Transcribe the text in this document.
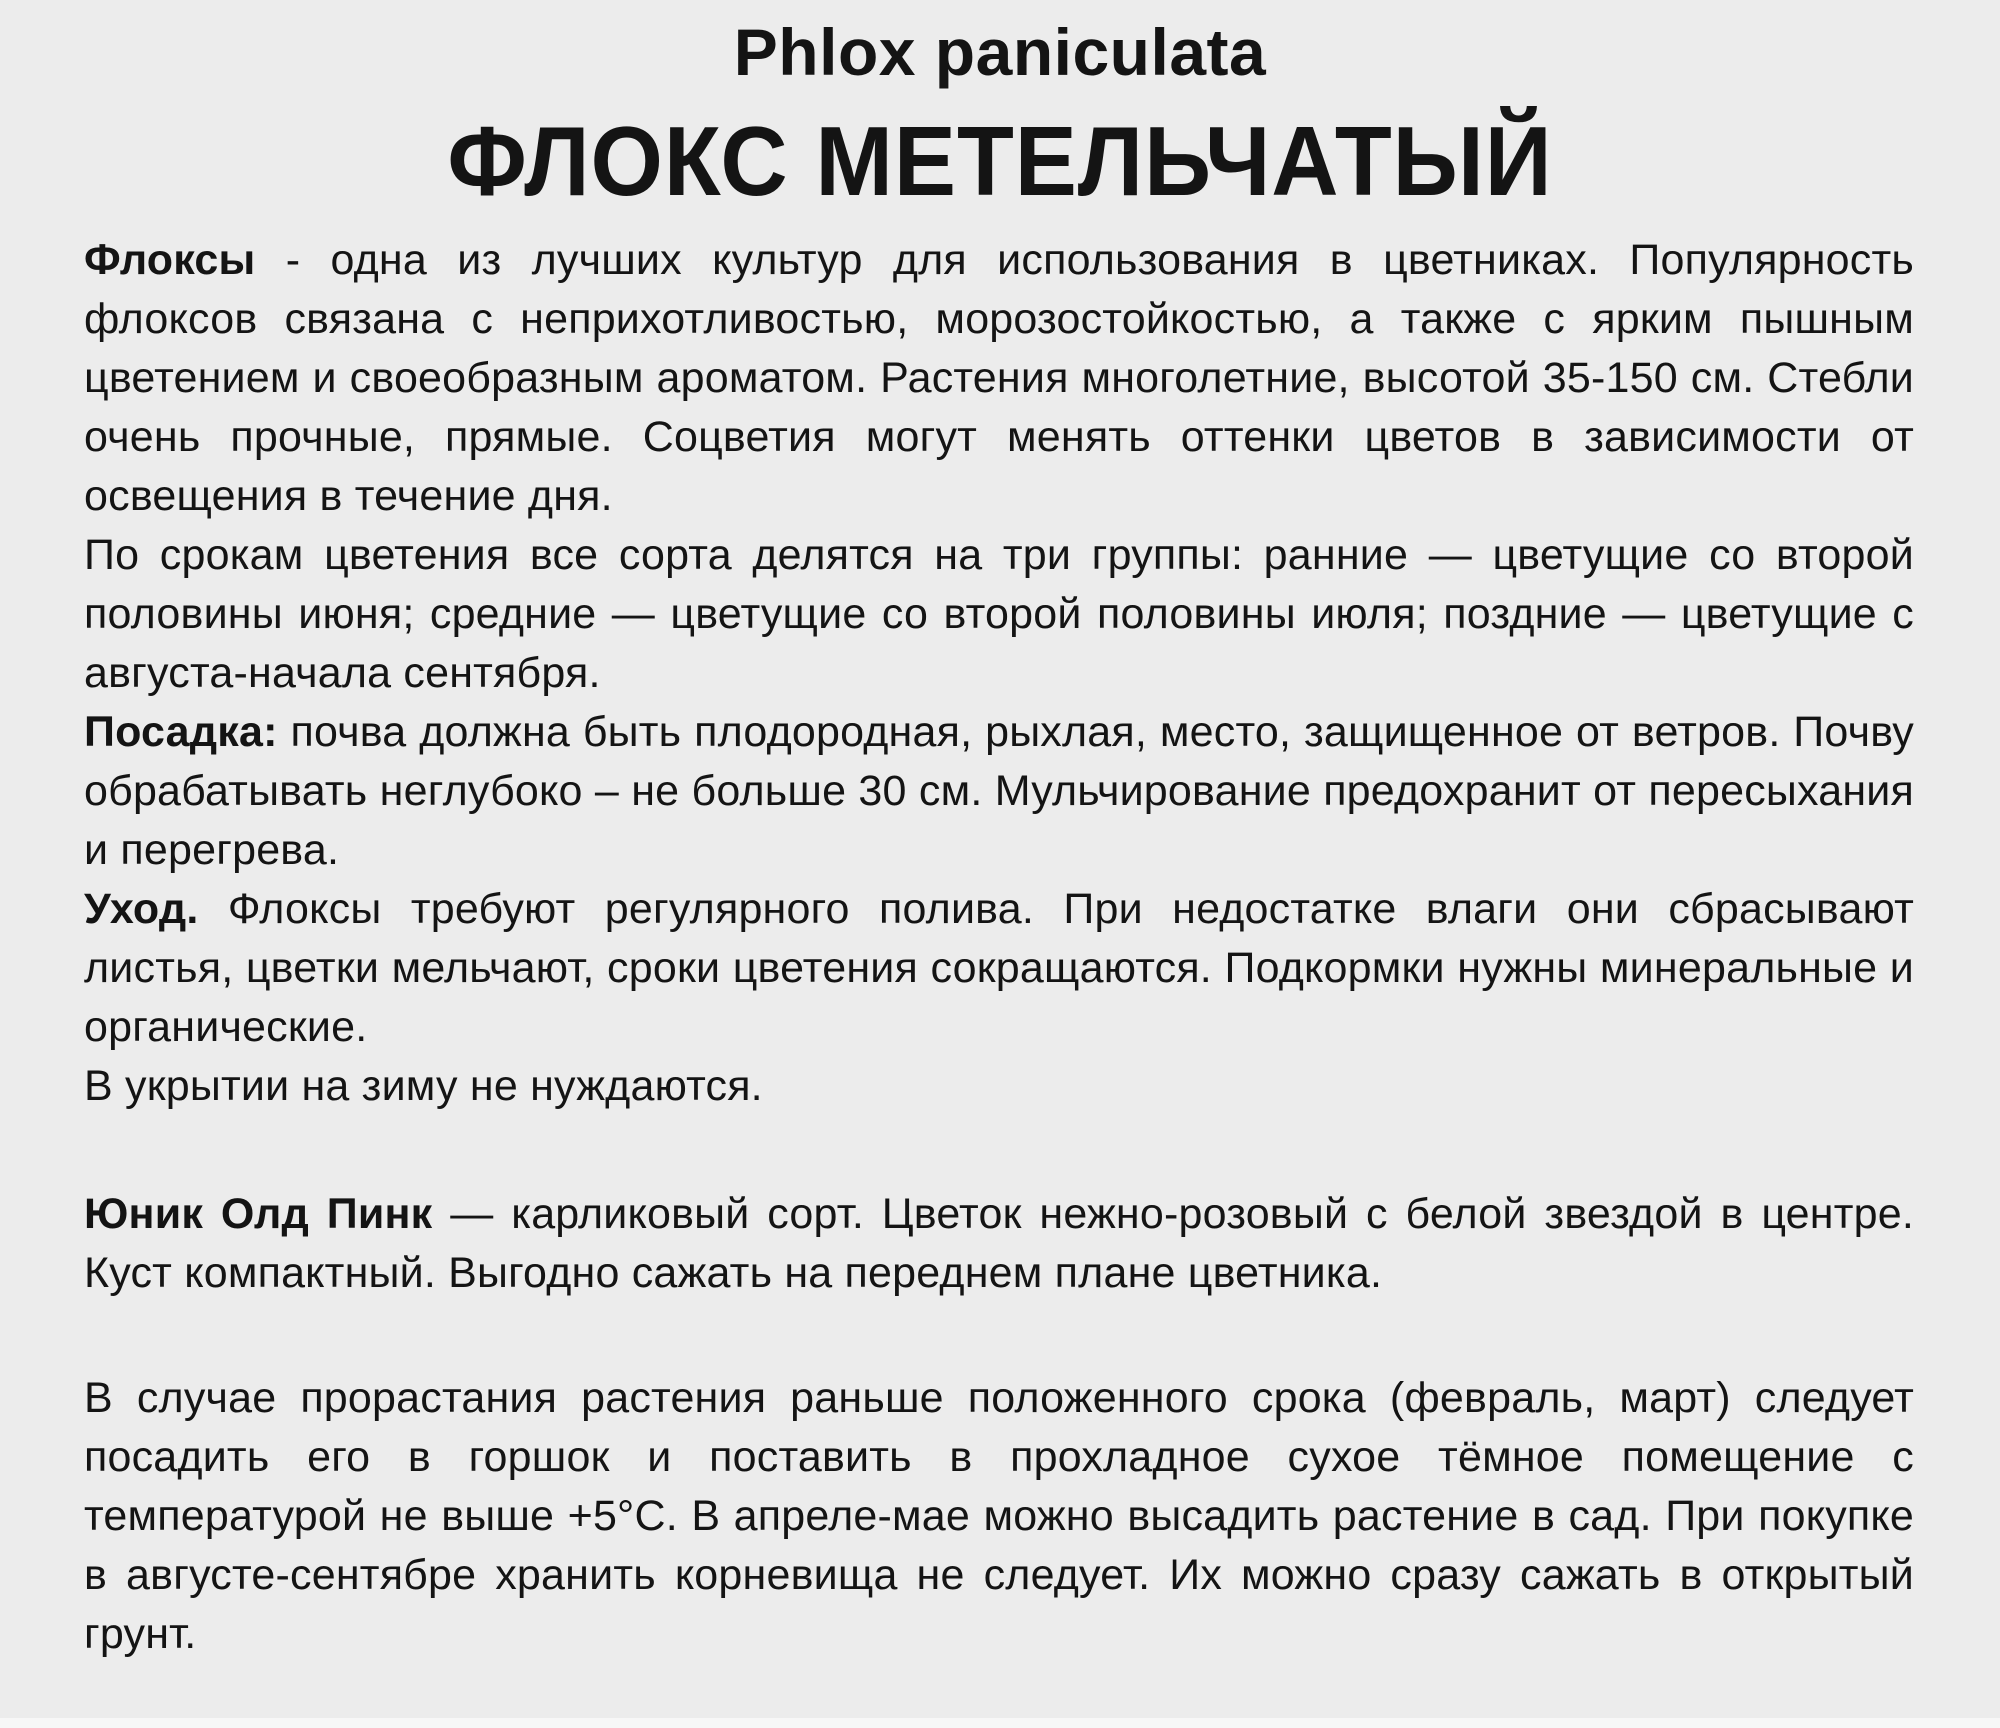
Phlox paniculata
ФЛОКС МЕТЕЛЬЧАТЫЙ

Флоксы - одна из лучших культур для использования в цветниках. Популярность флоксов связана с неприхотливостью, морозостойкостью, а также с ярким пышным цветением и своеобразным ароматом. Растения многолетние, высотой 35-150 см. Стебли очень прочные, прямые. Соцветия могут менять оттенки цветов в зависимости от освещения в течение дня.

По срокам цветения все сорта делятся на три группы: ранние — цветущие со второй половины июня; средние — цветущие со второй половины июля; поздние — цветущие с августа-начала сентября.

Посадка: почва должна быть плодородная, рыхлая, место, защищенное от ветров. Почву обрабатывать неглубоко – не больше 30 см. Мульчирование предохранит от пересыхания и перегрева.

Уход. Флоксы требуют регулярного полива. При недостатке влаги они сбрасывают листья, цветки мельчают, сроки цветения сокращаются. Подкормки нужны минеральные и органические.

В укрытии на зиму не нуждаются.

Юник Олд Пинк — карликовый сорт. Цветок нежно-розовый с белой звездой в центре. Куст компактный. Выгодно сажать на переднем плане цветника.

В случае прорастания растения раньше положенного срока (февраль, март) следует посадить его в горшок и поставить в прохладное сухое тёмное помещение с температурой не выше +5°С. В апреле-мае можно высадить растение в сад. При покупке в августе-сентябре хранить корневища не следует. Их можно сразу сажать в открытый грунт.
